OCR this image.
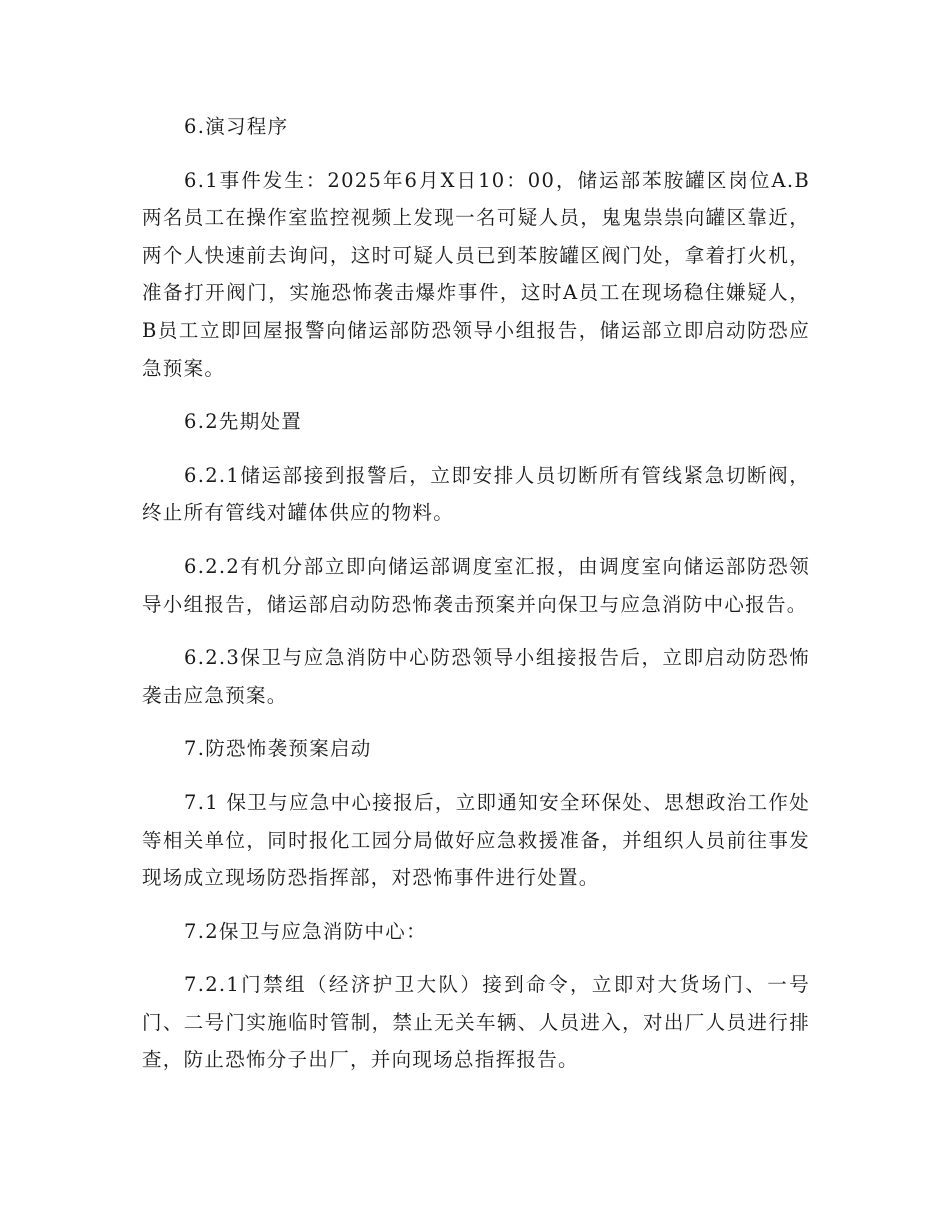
6.演习程序

6.1事件发生：2025年6月X日10：00，储运部苯胺罐区岗位A.B两名员工在操作室监控视频上发现一名可疑人员，鬼鬼祟祟向罐区靠近，两个人快速前去询问，这时可疑人员已到苯胺罐区阀门处，拿着打火机，准备打开阀门，实施恐怖袭击爆炸事件，这时A员工在现场稳住嫌疑人，B员工立即回屋报警向储运部防恐领导小组报告，储运部立即启动防恐应急预案。

6.2先期处置

6.2.1储运部接到报警后，立即安排人员切断所有管线紧急切断阀，终止所有管线对罐体供应的物料。

6.2.2有机分部立即向储运部调度室汇报，由调度室向储运部防恐领导小组报告，储运部启动防恐怖袭击预案并向保卫与应急消防中心报告。

6.2.3保卫与应急消防中心防恐领导小组接报告后，立即启动防恐怖袭击应急预案。

7.防恐怖袭预案启动

7.1 保卫与应急中心接报后，立即通知安全环保处、思想政治工作处等相关单位，同时报化工园分局做好应急救援准备，并组织人员前往事发现场成立现场防恐指挥部，对恐怖事件进行处置。

7.2保卫与应急消防中心：

7.2.1门禁组（经济护卫大队）接到命令，立即对大货场门、一号门、二号门实施临时管制，禁止无关车辆、人员进入，对出厂人员进行排查，防止恐怖分子出厂，并向现场总指挥报告。
